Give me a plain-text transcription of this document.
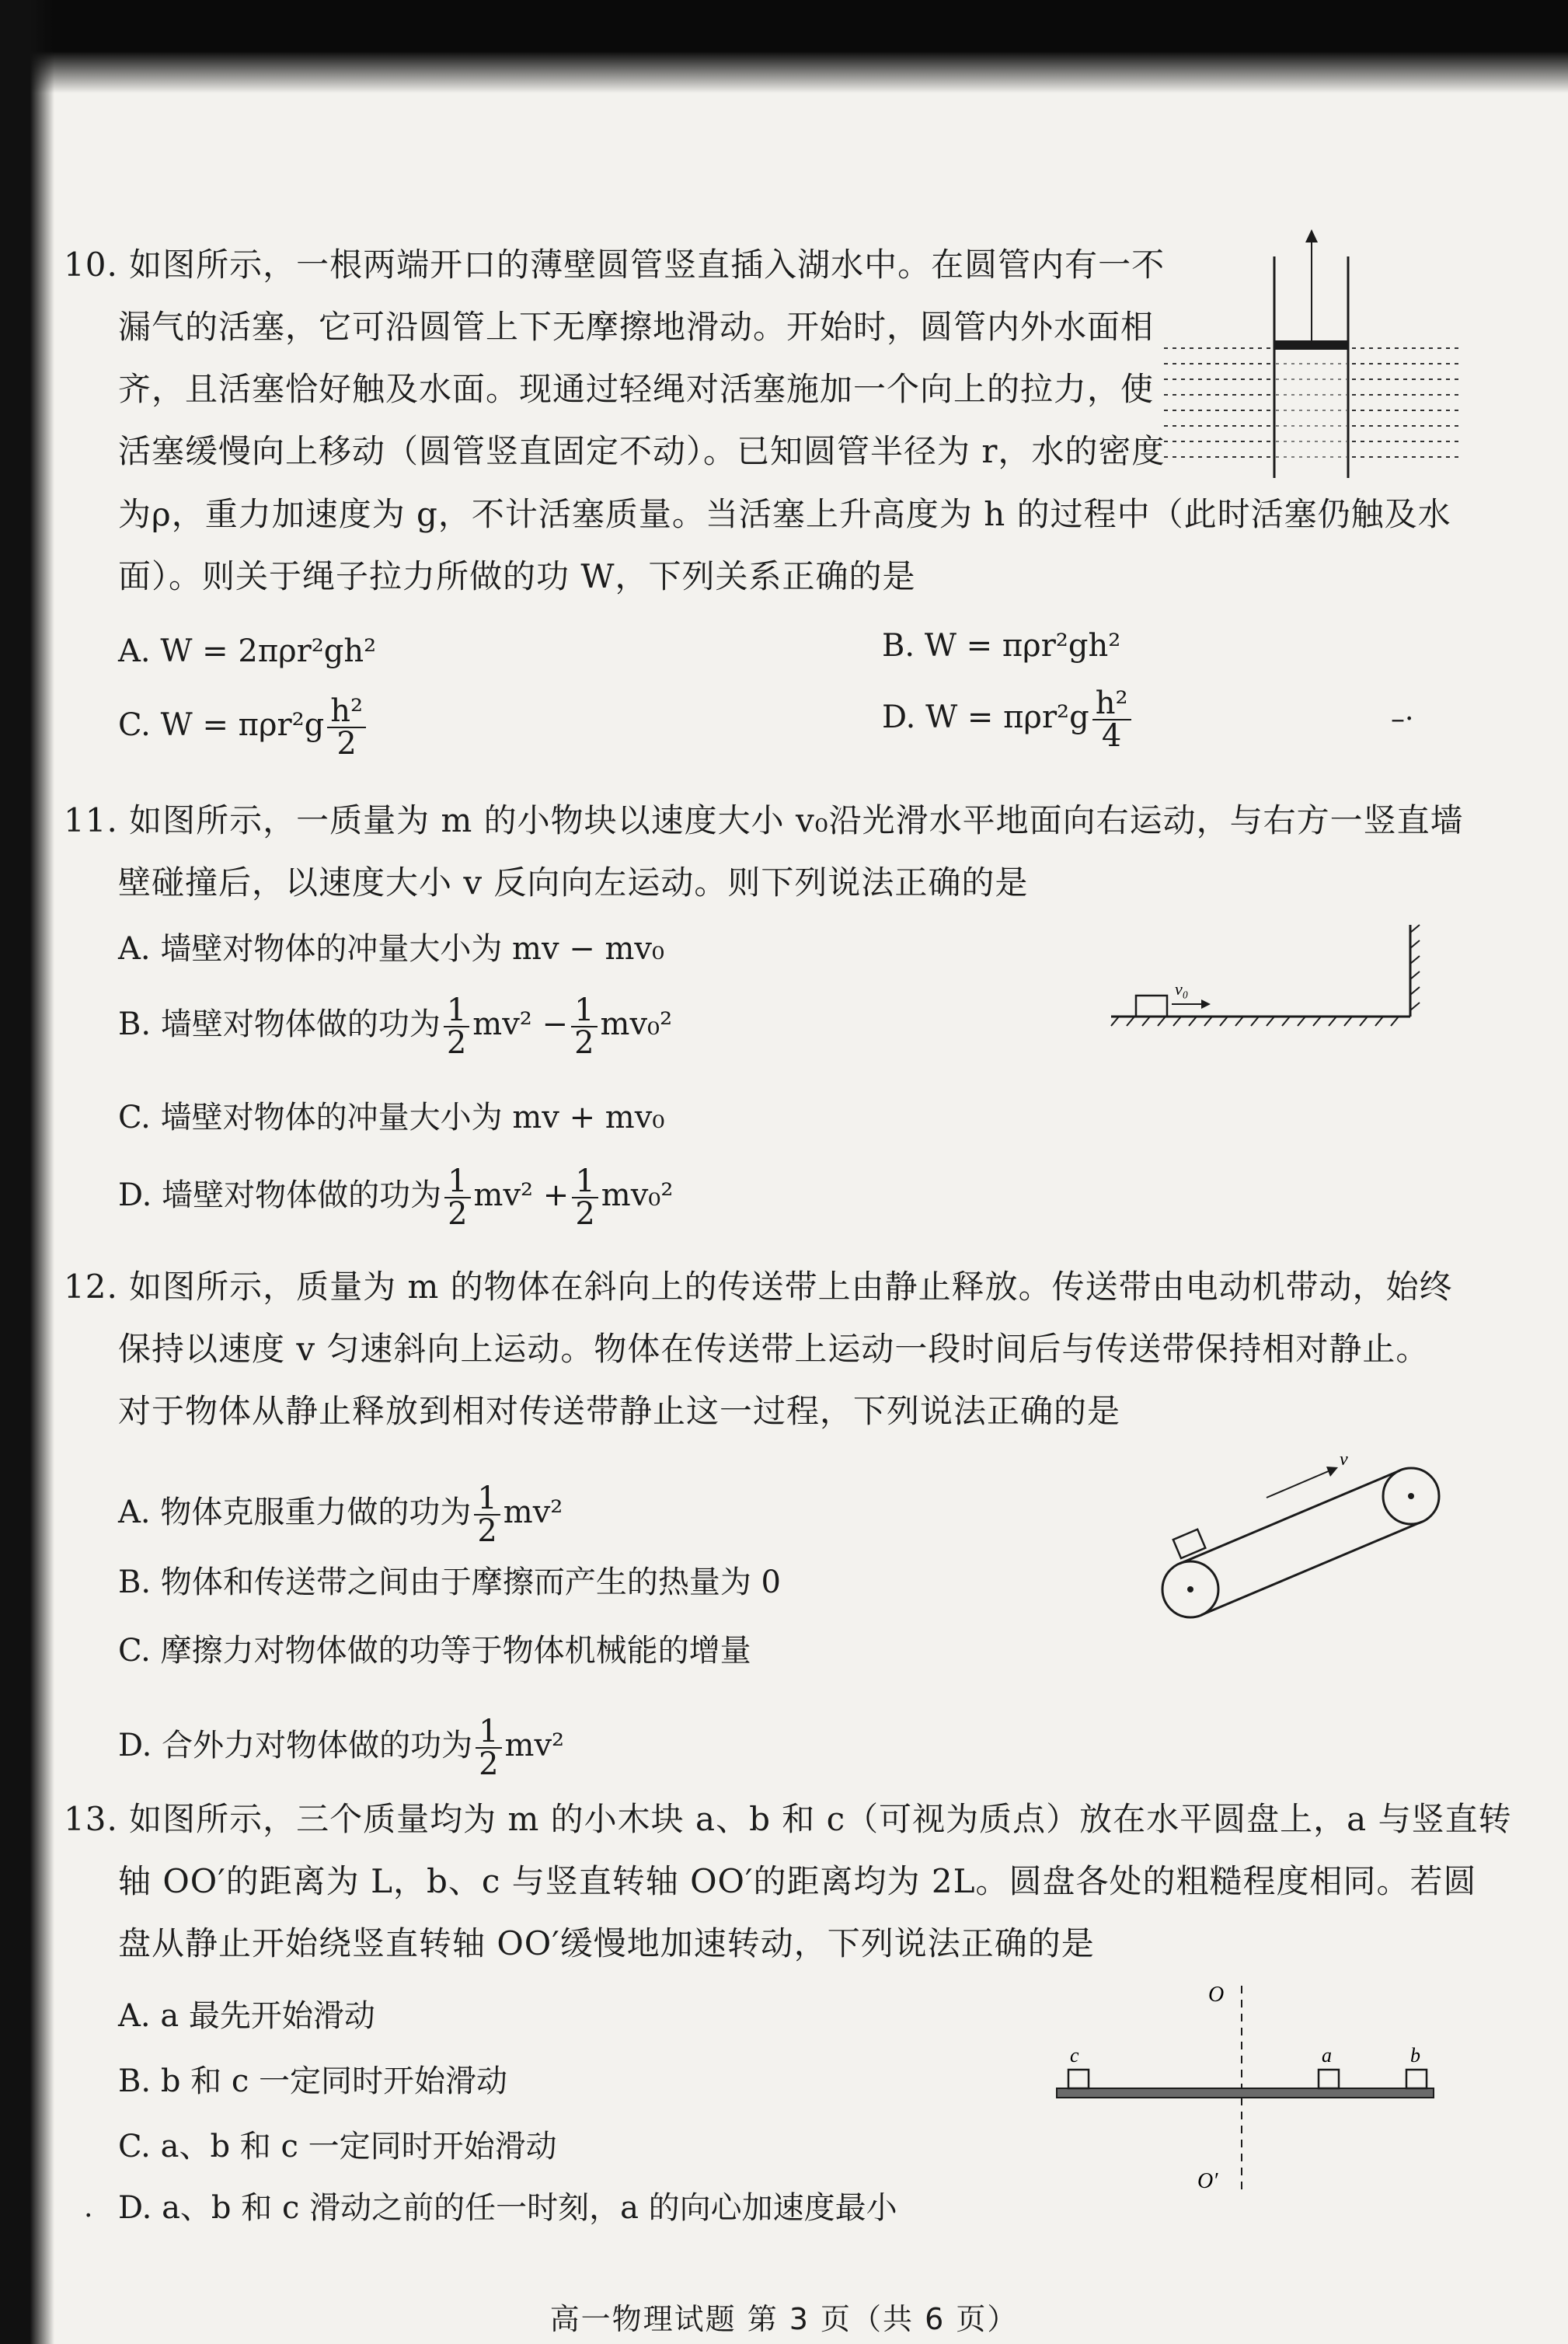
10. 如图所示，一根两端开口的薄壁圆管竖直插入湖水中。在圆管内有一不
漏气的活塞，它可沿圆管上下无摩擦地滑动。开始时，圆管内外水面相
齐，且活塞恰好触及水面。现通过轻绳对活塞施加一个向上的拉力，使
活塞缓慢向上移动（圆管竖直固定不动）。已知圆管半径为 r，水的密度
为ρ，重力加速度为 g，不计活塞质量。当活塞上升高度为 h 的过程中（此时活塞仍触及水
面）。则关于绳子拉力所做的功 W，下列关系正确的是
A. W = 2πρr²gh²	B. W = πρr²gh²
C. $W = \pi\rho r^2g \frac{\text{h²}}{2}$	D. $W = \pi\rho r^2g \frac{\text{h²}}{4}$	–·
11. 如图所示，一质量为 m 的小物块以速度大小 v₀沿光滑水平地面向右运动，与右方一竖直墙
壁碰撞后，以速度大小 v 反向向左运动。则下列说法正确的是
A. 墙壁对物体的冲量大小为 mv − mv₀
B. 墙壁对物体做的功为 $\frac{1}{2} mv^2 - \frac{1}{2} mv_0^2$
C. 墙壁对物体的冲量大小为 mv + mv₀
D. 墙壁对物体做的功为 $\frac{1}{2} mv^2 + \frac{1}{2} mv_0^2$
v₀
12. 如图所示，质量为 m 的物体在斜向上的传送带上由静止释放。传送带由电动机带动，始终
保持以速度 v 匀速斜向上运动。物体在传送带上运动一段时间后与传送带保持相对静止。
对于物体从静止释放到相对传送带静止这一过程，下列说法正确的是
A. 物体克服重力做的功为 $\frac{1}{2} mv^2$
B. 物体和传送带之间由于摩擦而产生的热量为 0
C. 摩擦力对物体做的功等于物体机械能的增量
D. 合外力对物体做的功为 $\frac{1}{2} mv^2$
v
13. 如图所示，三个质量均为 m 的小木块 a、b 和 c（可视为质点）放在水平圆盘上，a 与竖直转
轴 OO′的距离为 L，b、c 与竖直转轴 OO′的距离均为 2L。圆盘各处的粗糙程度相同。若圆
盘从静止开始绕竖直转轴 OO′缓慢地加速转动，下列说法正确的是
A. a 最先开始滑动
B. b 和 c 一定同时开始滑动
C. a、b 和 c 一定同时开始滑动
D. a、b 和 c 滑动之前的任一时刻，a 的向心加速度最小
O
O′
c	a	b
.
高一物理试题 第 3 页（共 6 页）
